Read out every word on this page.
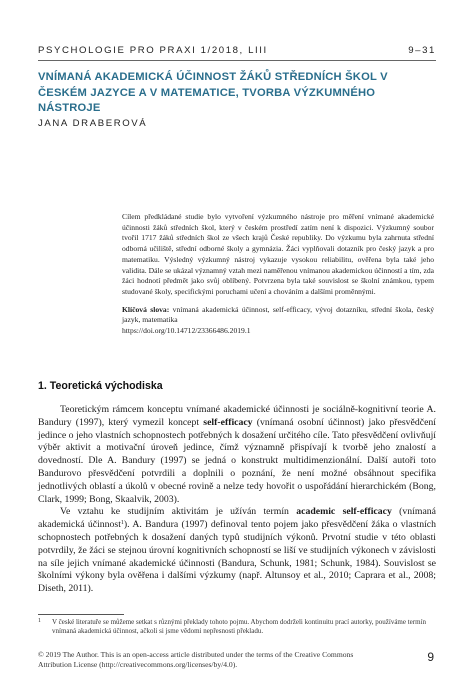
PSYCHOLOGIE PRO PRAXI 1/2018, LIII	9–31
VNÍMANÁ AKADEMICKÁ ÚČINNOST ŽÁKŮ STŘEDNÍCH ŠKOL V ČESKÉM JAZYCE A V MATEMATICE, TVORBA VÝZKUMNÉHO NÁSTROJE
JANA DRABEROVÁ

Cílem předkládané studie bylo vytvoření výzkumného nástroje pro měření vnímané akademické účinnosti žáků středních škol, který v českém prostředí zatím není k dispozici. Výzkumný soubor tvořil 1717 žáků středních škol ze všech krajů České republiky. Do výzkumu byla zahrnuta střední odborná učiliště, střední odborné školy a gymnázia. Žáci vyplňovali dotazník pro český jazyk a pro matematiku. Výsledný výzkumný nástroj vykazuje vysokou reliabilitu, ověřena byla také jeho validita. Dále se ukázal významný vztah mezi naměřenou vnímanou akademickou účinností a tím, zda žáci hodnotí předmět jako svůj oblíbený. Potvrzena byla také souvislost se školní známkou, typem studované školy, specifickými poruchami učení a chováním a dalšími proměnnými.

Klíčová slova: vnímaná akademická účinnost, self-efficacy, vývoj dotazníku, střední škola, český jazyk, matematika

https://doi.org/10.14712/23366486.2019.1

1. Teoretická východiska

Teoretickým rámcem konceptu vnímané akademické účinnosti je sociálně-kognitivní teorie A. Bandury (1997), který vymezil koncept self-efficacy (vnímaná osobní účinnost) jako přesvědčení jedince o jeho vlastních schopnostech potřebných k dosažení určitého cíle. Tato přesvědčení ovlivňují výběr aktivit a motivační úroveň jedince, čímž významně přispívají k tvorbě jeho znalostí a dovedností. Dle A. Bandury (1997) se jedná o konstrukt multidimenzionální. Další autoři toto Bandurovo přesvědčení potvrdili a doplnili o poznání, že není možné obsáhnout specifika jednotlivých oblastí a úkolů v obecné rovině a nelze tedy hovořit o uspořádání hierarchickém (Bong, Clark, 1999; Bong, Skaalvik, 2003).

Ve vztahu ke studijním aktivitám je užíván termín academic self-efficacy (vnímaná akademická účinnost$^1$). A. Bandura (1997) definoval tento pojem jako přesvědčení žáka o vlastních schopnostech potřebných k dosažení daných typů studijních výkonů. Prvotní studie v této oblasti potvrdily, že žáci se stejnou úrovní kognitivních schopností se liší ve studijních výkonech v závislosti na síle jejich vnímané akademické účinnosti (Bandura, Schunk, 1981; Schunk, 1984). Souvislost se školními výkony byla ověřena i dalšími výzkumy (např. Altunsoy et al., 2010; Caprara et al., 2008; Diseth, 2011).

1 V české literatuře se můžeme setkat s různými překlady tohoto pojmu. Abychom dodrželi kontinuitu prací autorky, používáme termín vnímaná akademická účinnost, ačkoli si jsme vědomi nepřesnosti překladu.
© 2019 The Author. This is an open-access article distributed under the terms of the Creative Commons Attribution License (http://creativecommons.org/licenses/by/4.0).
9
